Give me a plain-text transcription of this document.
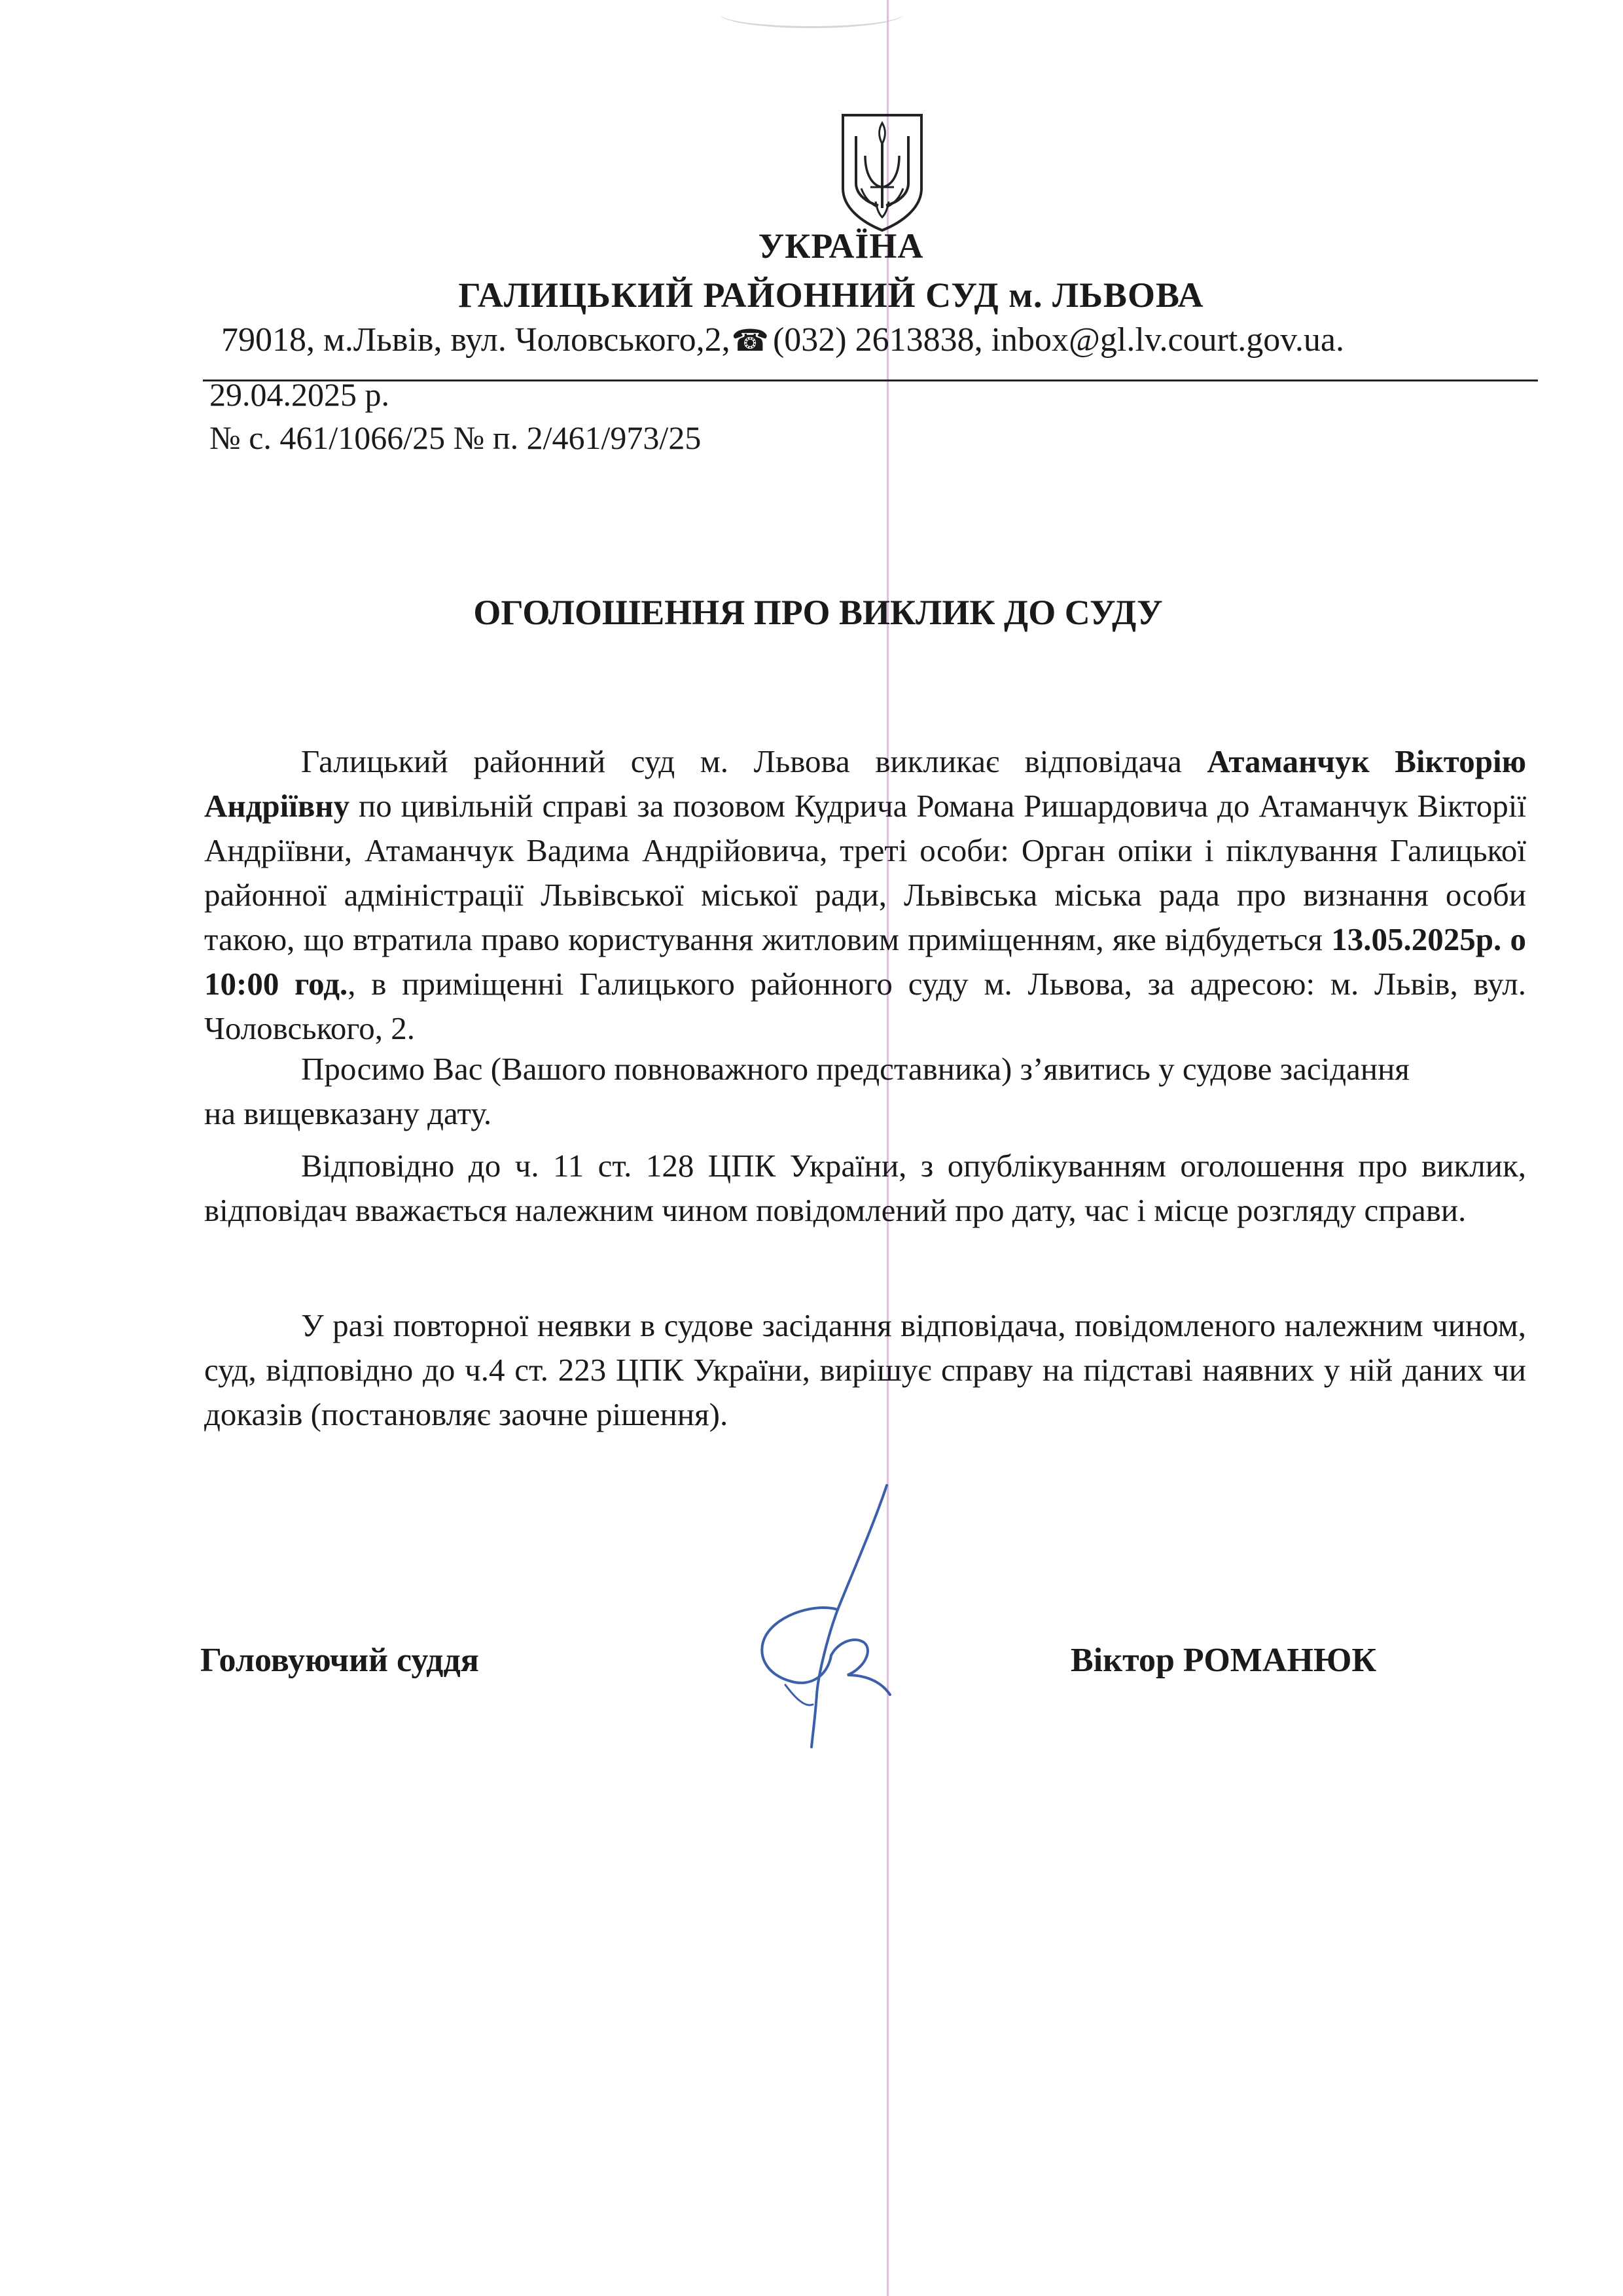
УКРАЇНА
ГАЛИЦЬКИЙ РАЙОННИЙ СУД м. ЛЬВОВА
79018, м.Львів, вул. Чоловського,2,☎ (032) 2613838, inbox@gl.lv.court.gov.ua.
29.04.2025 р.
№ с. 461/1066/25 № п. 2/461/973/25
ОГОЛОШЕННЯ ПРО ВИКЛИК ДО СУДУ
Галицький районний суд м. Львова викликає відповідача Атаманчук Вікторію Андріївну по цивільній справі за позовом Кудрича Романа Ришардовича до Атаманчук Вікторії Андріївни, Атаманчук Вадима Андрійовича, треті особи: Орган опіки і піклування Галицької районної адміністрації Львівської міської ради, Львівська міська рада про визнання особи такою, що втратила право користування житловим приміщенням, яке відбудеться 13.05.2025р. о 10:00 год., в приміщенні Галицького районного суду м. Львова, за адресою: м. Львів, вул. Чоловського, 2.
Просимо Вас (Вашого повноважного представника) з’явитись у судове засідання на вищевказану дату.
Відповідно до ч. 11 ст. 128 ЦПК України, з опублікуванням оголошення про виклик, відповідач вважається належним чином повідомлений про дату, час і місце розгляду справи.
У разі повторної неявки в судове засідання відповідача, повідомленого належним чином, суд, відповідно до ч.4 ст. 223 ЦПК України, вирішує справу на підставі наявних у ній даних чи доказів (постановляє заочне рішення).
Головуючий суддя	Віктор РОМАНЮК
